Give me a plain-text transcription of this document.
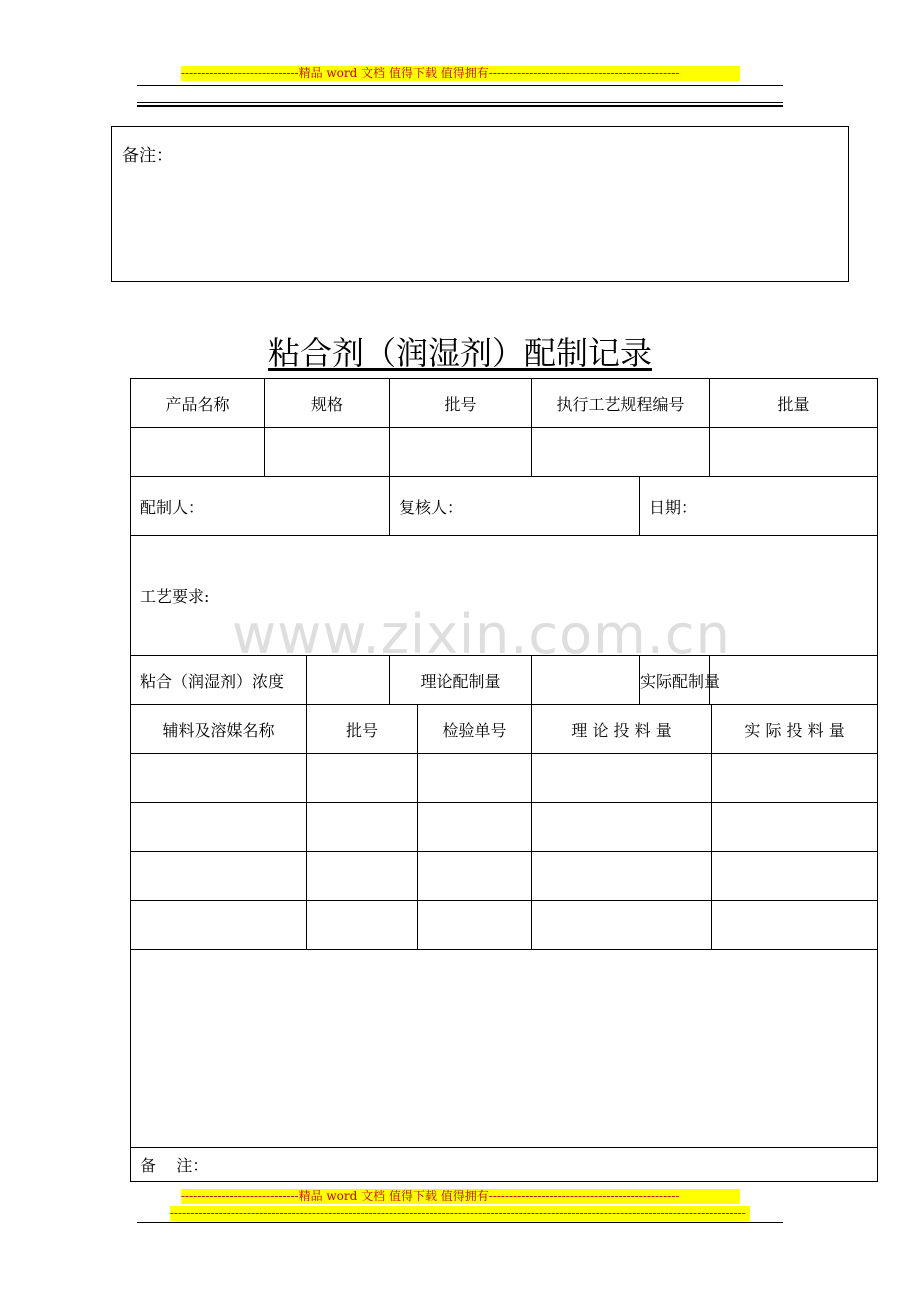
-----------------------------精品 word 文档 值得下载 值得拥有-----------------------------------------------
备注：
粘合剂（润湿剂）配制记录
产品名称	规格		批号		执行工艺规程编号		批量	

配制人：			复核人：			日期：		
工艺要求:								
粘合（润湿剂）浓度			理论配制量			实际配制量		
辅料及溶媒名称		批号		检验单号	理 论 投 料 量			实 际 投 料 量

备    注：								
www.zixin.com.cn
-----------------------------精品 word 文档 值得下载 值得拥有-----------------------------------------------
----------------------------------------------------------------------------------------------------------------------------------------------
